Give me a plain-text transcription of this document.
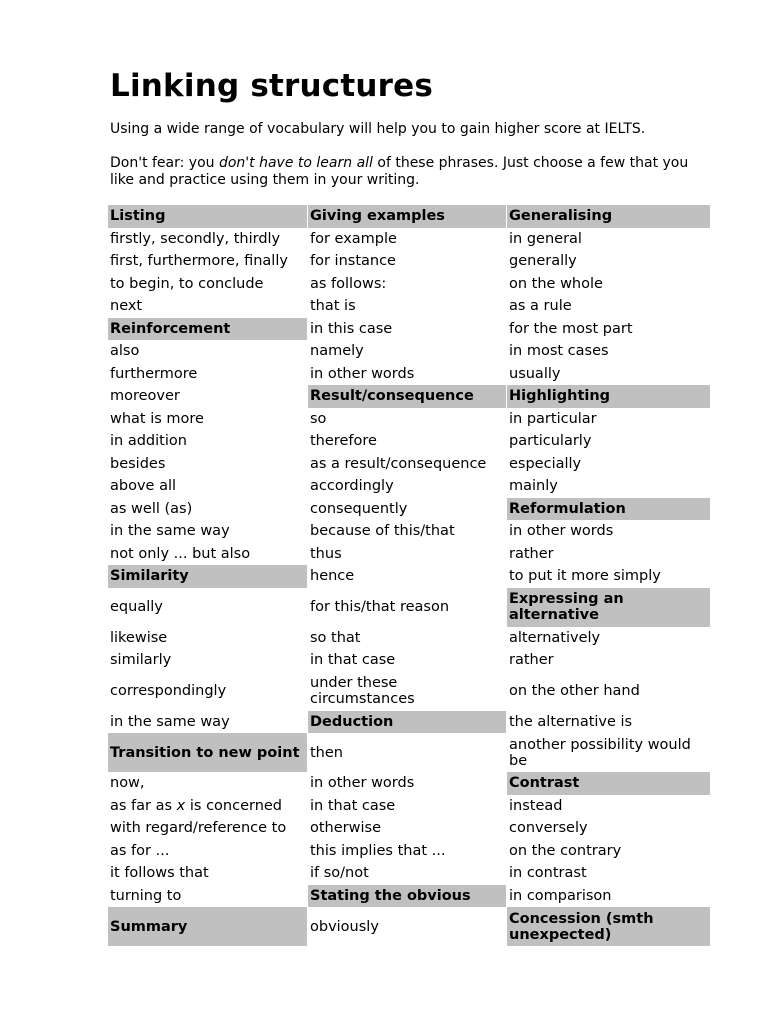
Linking structures

Using a wide range of vocabulary will help you to gain higher score at IELTS.

Don't fear: you don't have to learn all of these phrases. Just choose a few that you like and practice using them in your writing.

Listing	Giving examples	Generalising
firstly, secondly, thirdly	for example	in general
first, furthermore, finally	for instance	generally
to begin, to conclude	as follows:	on the whole
next	that is	as a rule
Reinforcement	in this case	for the most part
also	namely	in most cases
furthermore	in other words	usually
moreover	Result/consequence	Highlighting
what is more	so	in particular
in addition	therefore	particularly
besides	as a result/consequence	especially
above all	accordingly	mainly
as well (as)	consequently	Reformulation
in the same way	because of this/that	in other words
not only ... but also	thus	rather
Similarity	hence	to put it more simply
equally	for this/that reason	Expressing an alternative
likewise	so that	alternatively
similarly	in that case	rather
correspondingly	under these circumstances	on the other hand
in the same way	Deduction	the alternative is
Transition to new point	then	another possibility would be
now,	in other words	Contrast
as far as x is concerned	in that case	instead
with regard/reference to	otherwise	conversely
as for ...	this implies that ...	on the contrary
it follows that	if so/not	in contrast
turning to	Stating the obvious	in comparison
Summary	obviously	Concession (smth unexpected)
